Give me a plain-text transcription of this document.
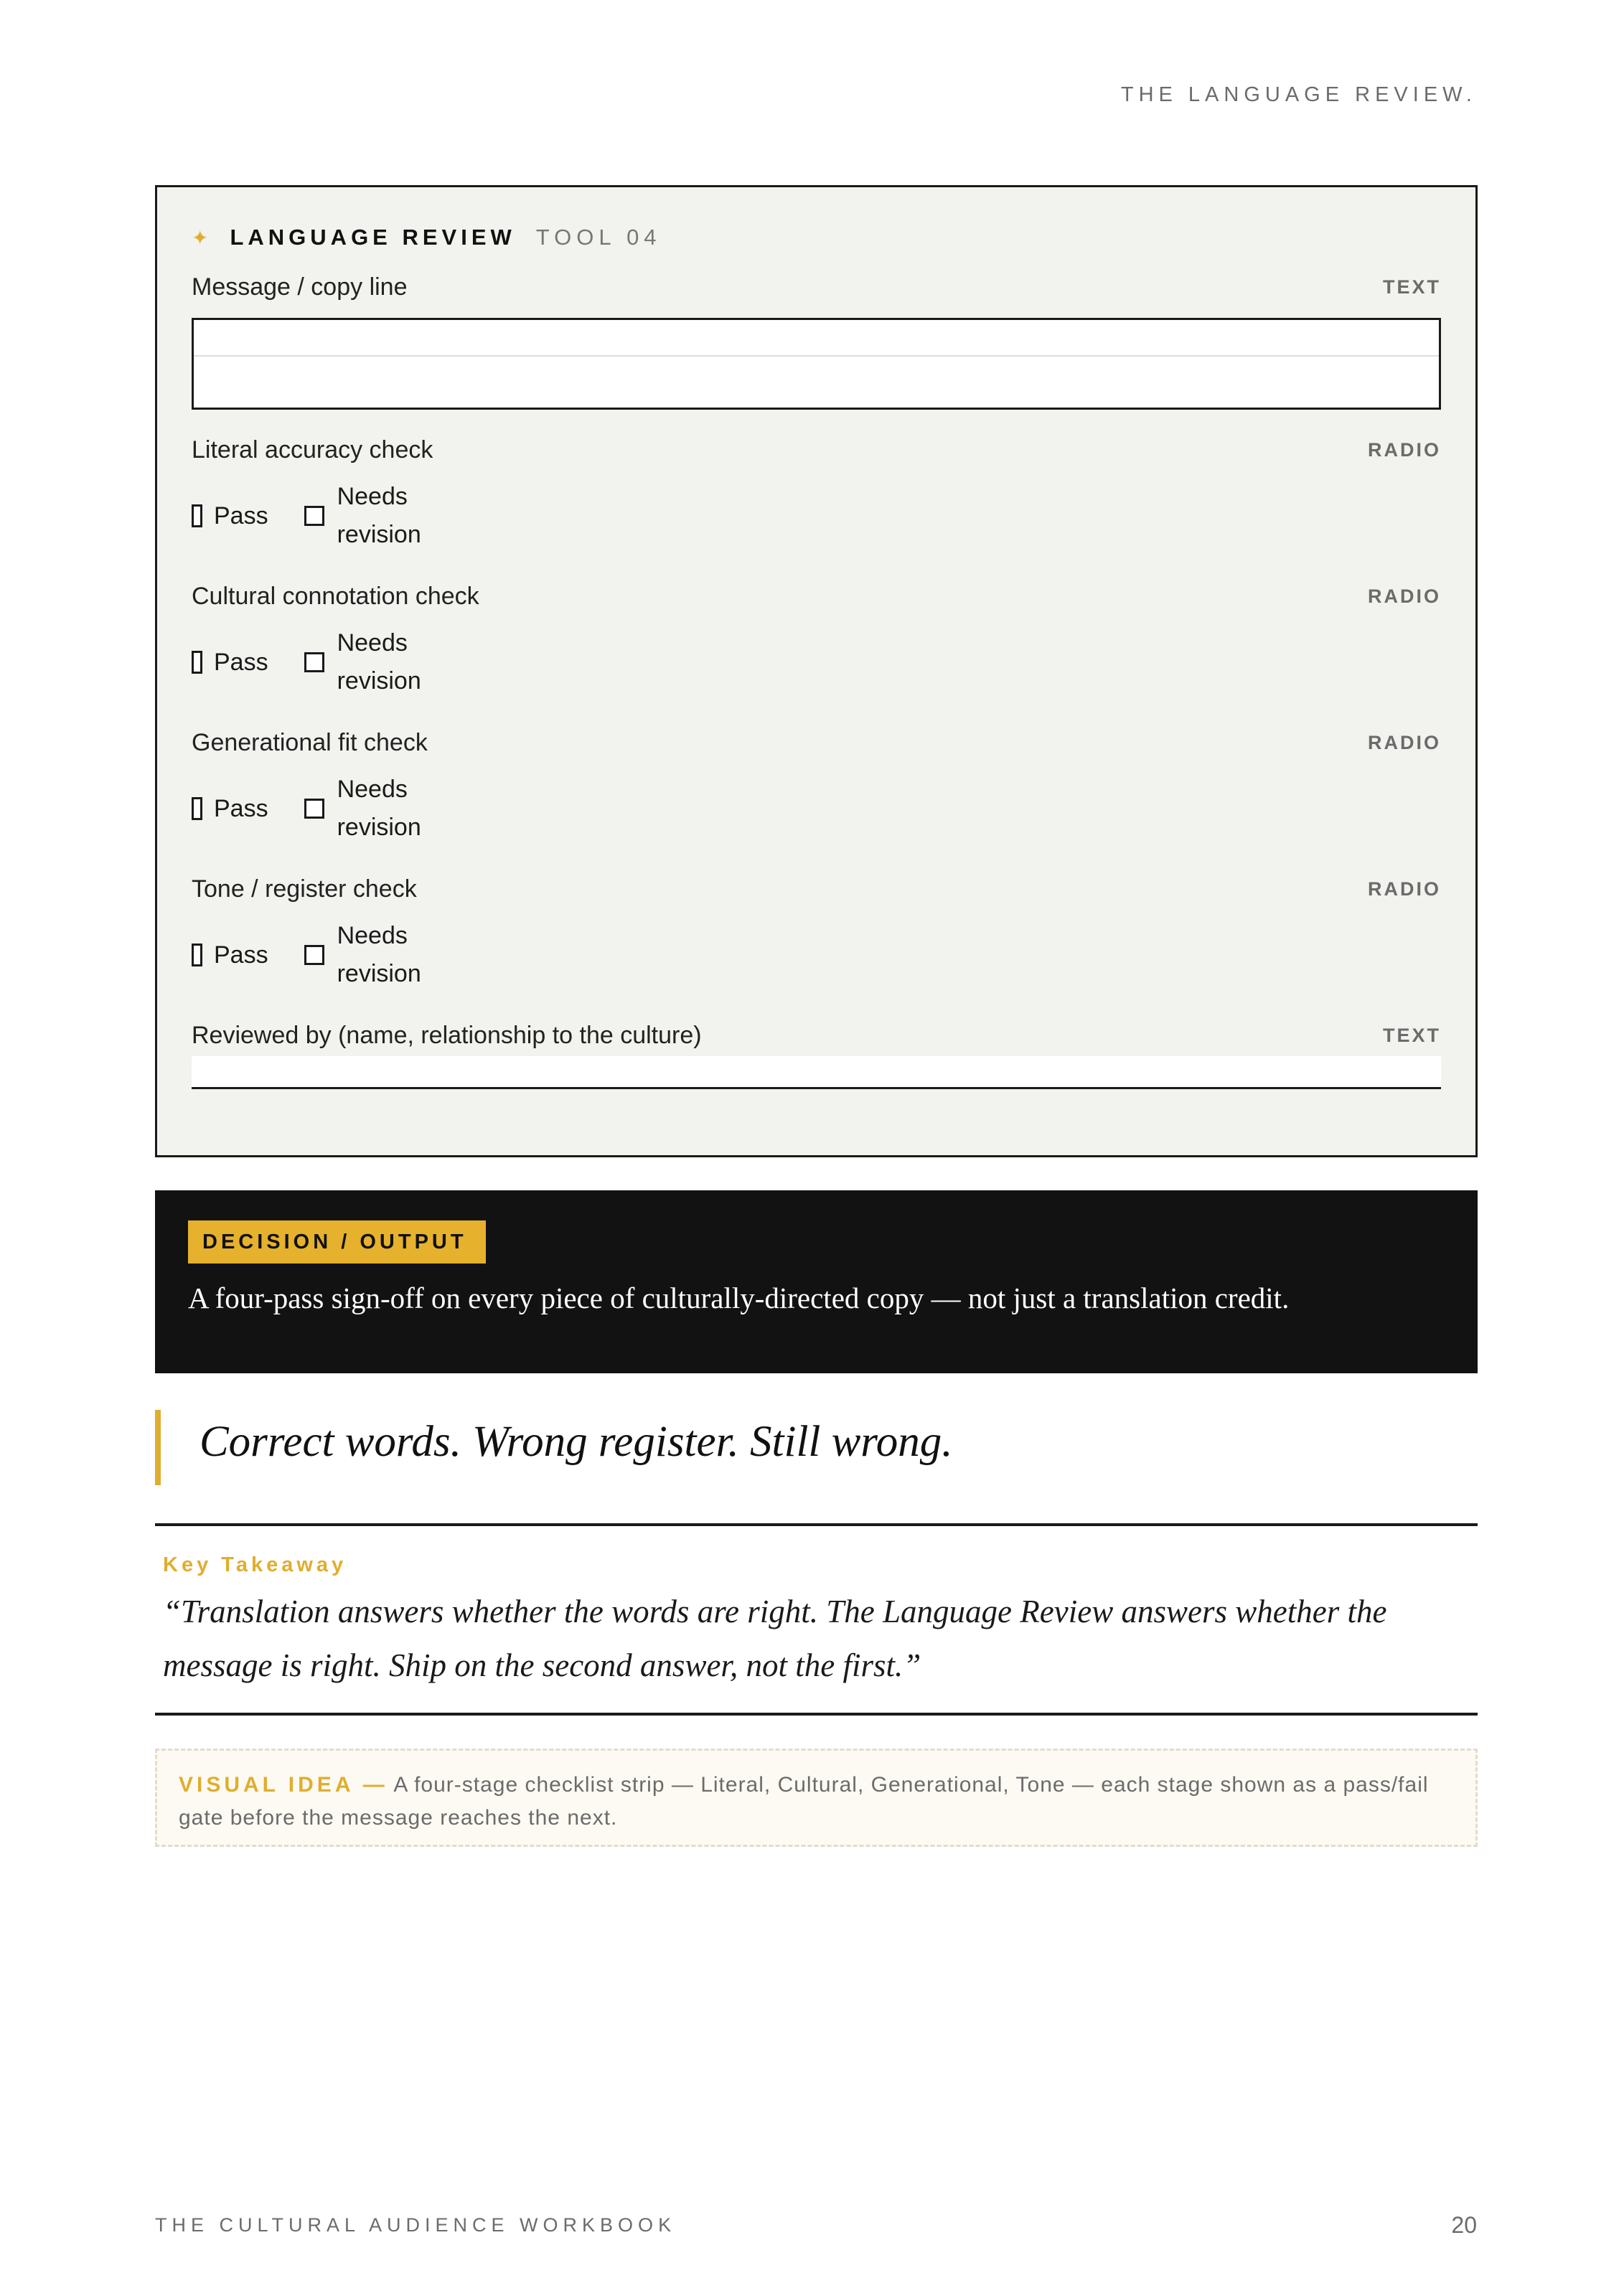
THE LANGUAGE REVIEW.
✦ LANGUAGE REVIEW TOOL 04
Message / copy line	TEXT
Literal accuracy check	RADIO
Pass
Needs revision
Cultural connotation check	RADIO
Pass
Needs revision
Generational fit check	RADIO
Pass
Needs revision
Tone / register check	RADIO
Pass
Needs revision
Reviewed by (name, relationship to the culture)	TEXT
DECISION / OUTPUT
A four-pass sign-off on every piece of culturally-directed copy — not just a translation credit.
Correct words. Wrong register. Still wrong.
Key Takeaway
“Translation answers whether the words are right. The Language Review answers whether the message is right. Ship on the second answer, not the first.”
VISUAL IDEA — A four-stage checklist strip — Literal, Cultural, Generational, Tone — each stage shown as a pass/fail gate before the message reaches the next.
THE CULTURAL AUDIENCE WORKBOOK	20
